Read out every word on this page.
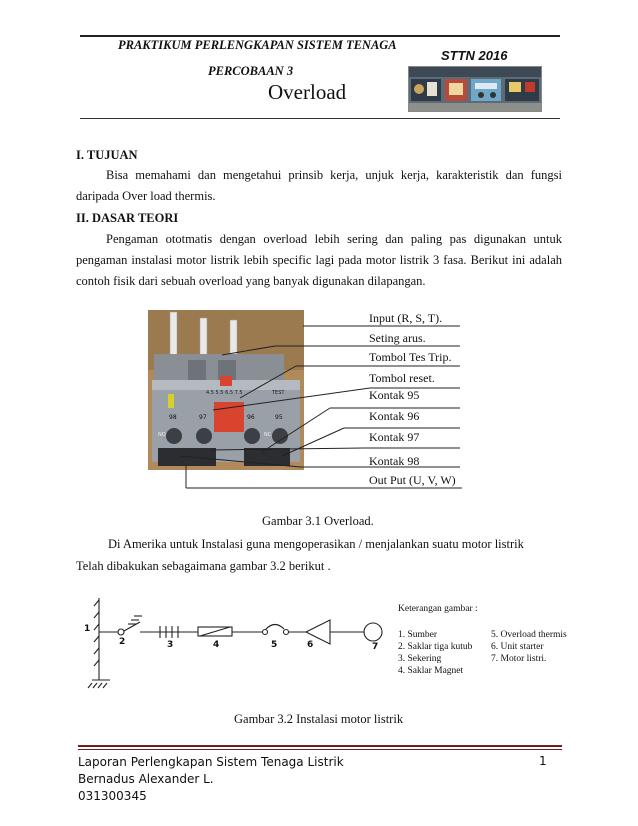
PRAKTIKUM PERLENGKAPAN SISTEM TENAGA
STTN 2016
PERCOBAAN 3
Overload
I. TUJUAN
Bisa memahami dan mengetahui prinsib kerja, unjuk kerja, karakteristik dan fungsi daripada Over load thermis.
II. DASAR TEORI
Pengaman ototmatis dengan overload lebih sering dan paling pas digunakan untuk pengaman instalasi motor listrik lebih specific lagi pada motor listrik 3 fasa. Berikut ini adalah contoh fisik dari sebuah overload yang banyak digunakan dilapangan.
4.5 5.5 6.5 7.5	TEST
98	97	96	95
NO	NC
Input (R, S, T).
Seting arus.
Tombol Tes Trip.
Tombol reset.
Kontak 95
Kontak 96
Kontak 97
Kontak 98
Out Put (U, V, W)
Gambar 3.1 Overload.
Di Amerika untuk Instalasi guna mengoperasikan / menjalankan suatu motor listrik
Telah dibakukan sebagaimana gambar 3.2 berikut .
1
2	3	4	5	6	7
Keterangan gambar :
1. Sumber
2. Saklar tiga kutub
3. Sekering
4. Saklar Magnet
5. Overload thermis
6. Unit starter
7. Motor listri.
Gambar 3.2 Instalasi motor listrik
Laporan Perlengkapan Sistem Tenaga Listrik
Bernadus Alexander L.
031300345
1
